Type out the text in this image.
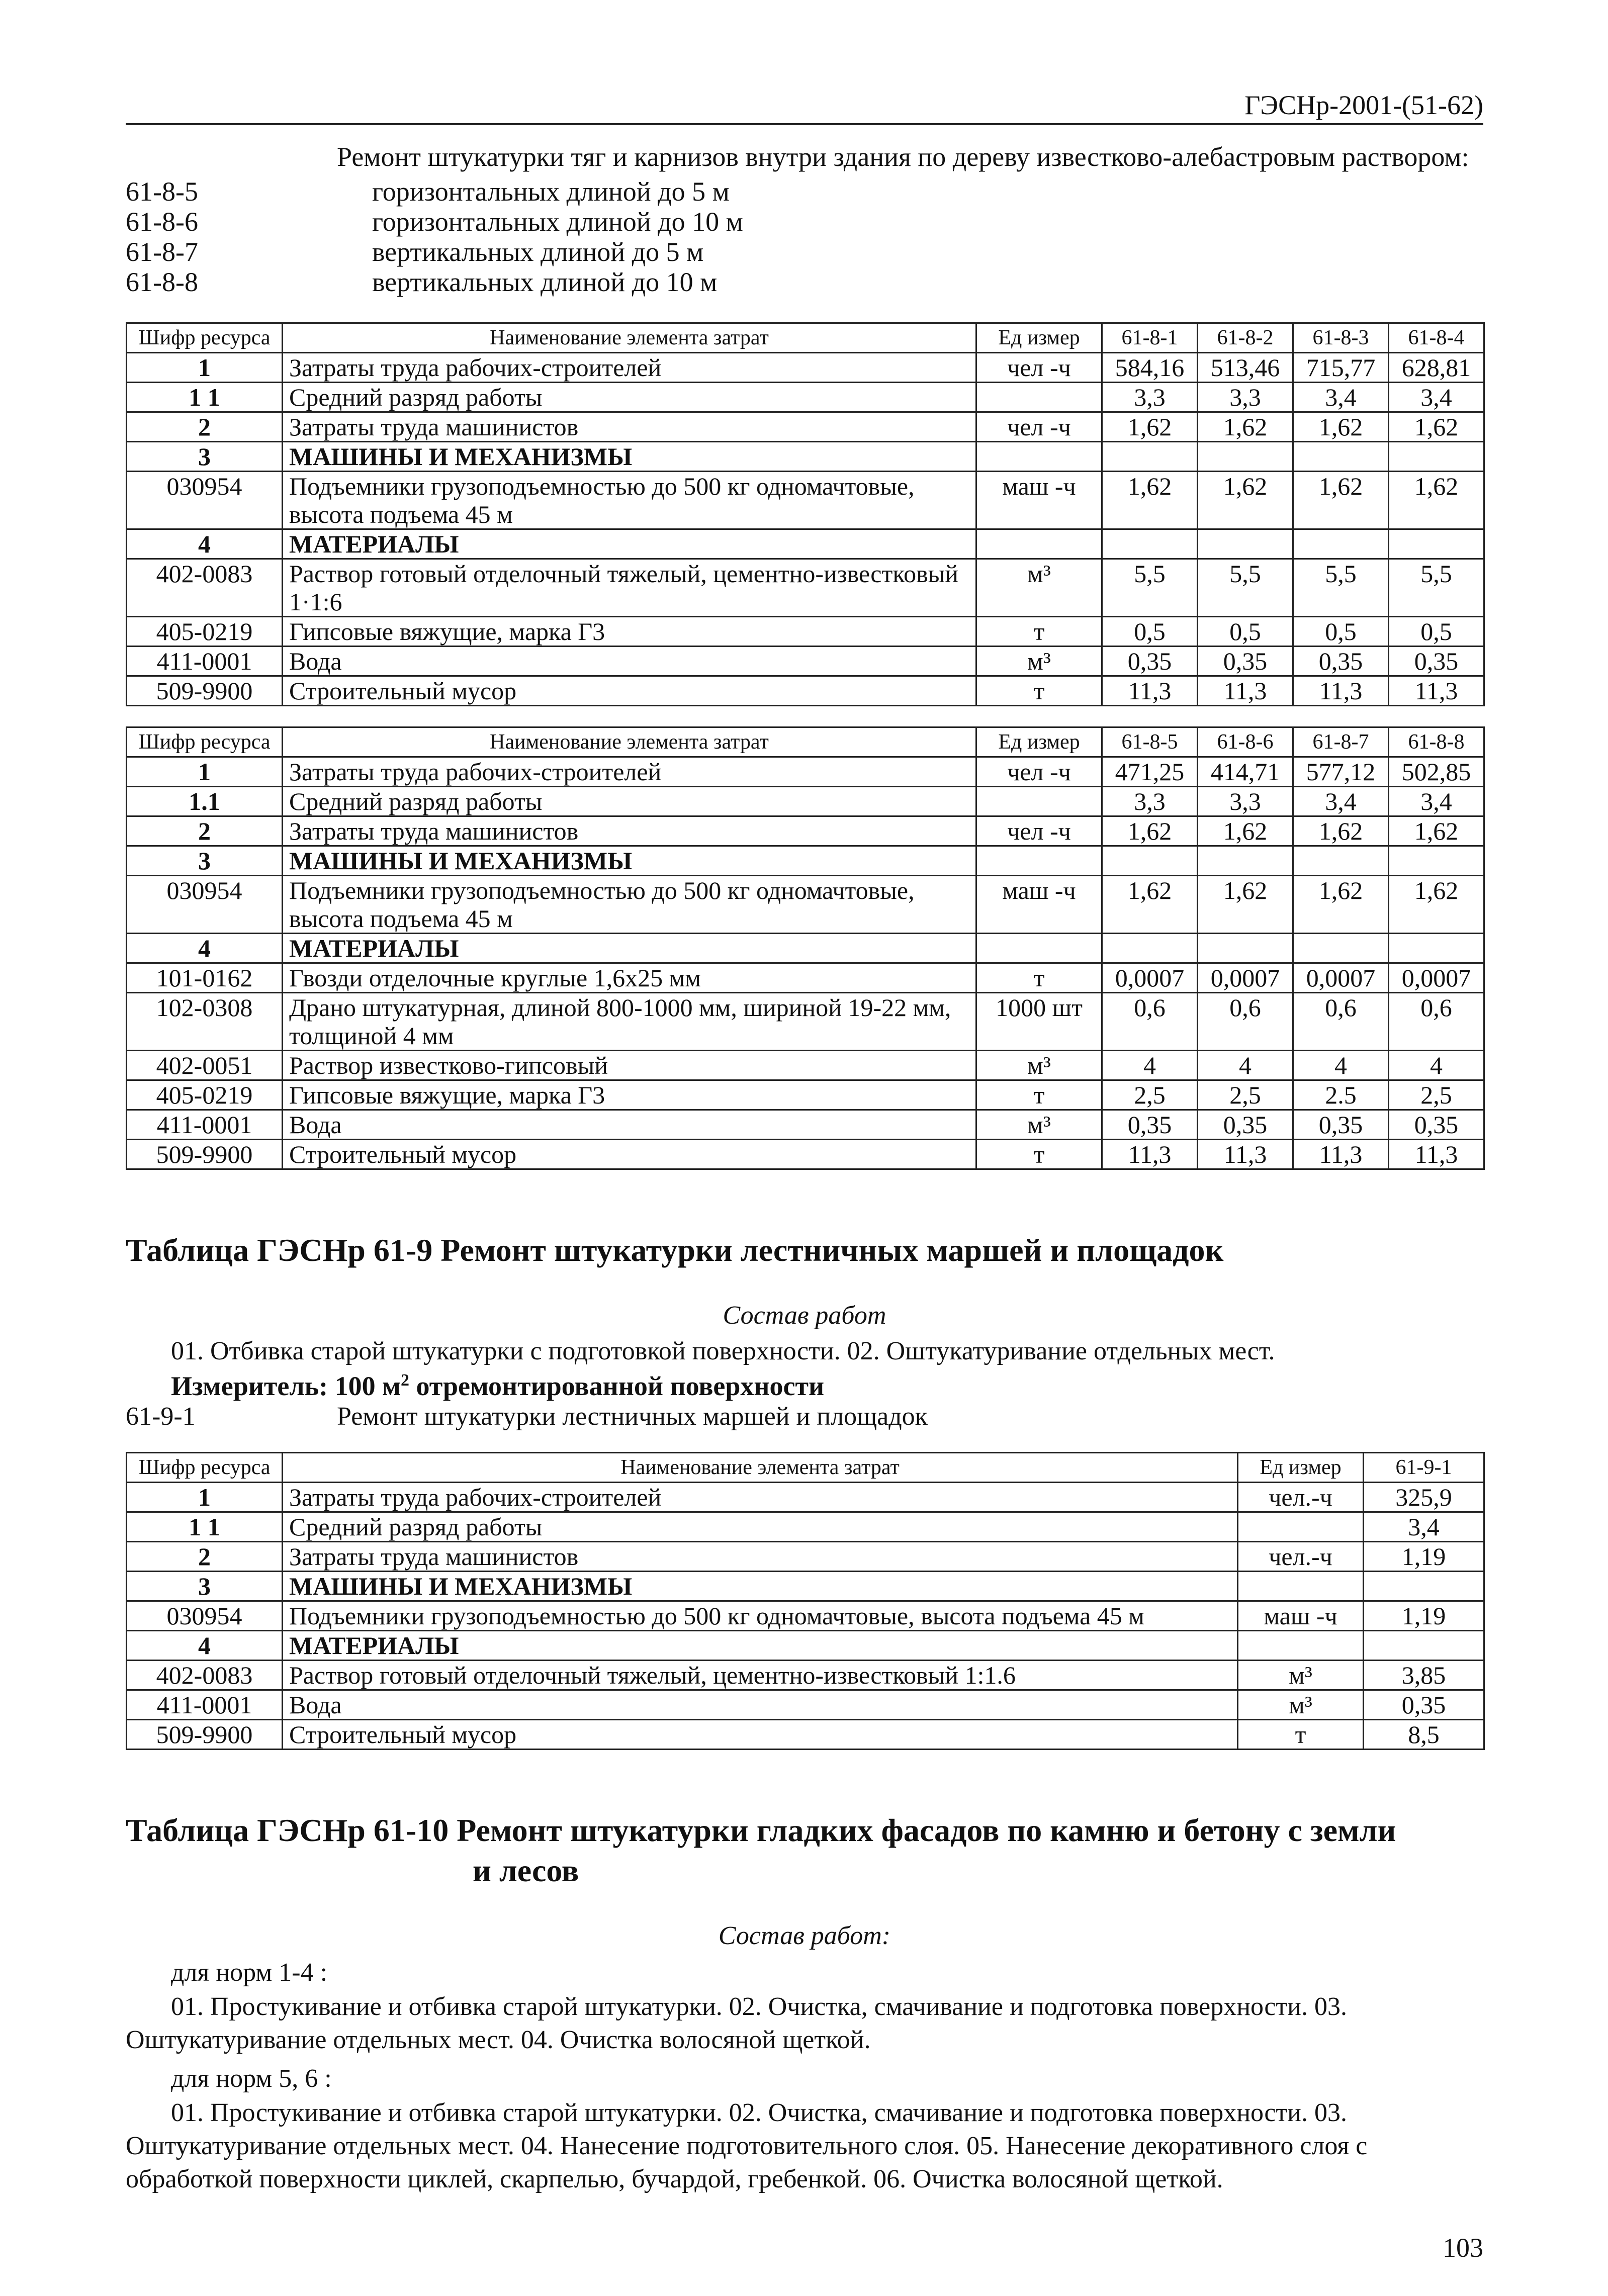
ГЭСНр-2001-(51-62)
Ремонт штукатурки тяг и карнизов внутри здания по дереву известково-алебастровым раствором:
61-8-5	горизонтальных длиной до 5 м
61-8-6	горизонтальных длиной до 10 м
61-8-7	вертикальных длиной до 5 м
61-8-8	вертикальных длиной до 10 м
Шифр ресурса	Наименование элемента затрат	Ед измер	61-8-1	61-8-2	61-8-3	61-8-4
1	Затраты труда рабочих-строителей	чел -ч	584,16	513,46	715,77	628,81
1 1	Средний разряд работы		3,3	3,3	3,4	3,4
2	Затраты труда машинистов	чел -ч	1,62	1,62	1,62	1,62
3	МАШИНЫ И МЕХАНИЗМЫ					
030954	Подъемники грузоподъемностью до 500 кг одномачтовые, высота подъема 45 м	маш -ч	1,62	1,62	1,62	1,62
4	МАТЕРИАЛЫ					
402-0083	Раствор готовый отделочный тяжелый, цементно-известковый 1·1:6	м³	5,5	5,5	5,5	5,5
405-0219	Гипсовые вяжущие, марка Г3	т	0,5	0,5	0,5	0,5
411-0001	Вода	м³	0,35	0,35	0,35	0,35
509-9900	Строительный мусор	т	11,3	11,3	11,3	11,3
Шифр ресурса	Наименование элемента затрат	Ед измер	61-8-5	61-8-6	61-8-7	61-8-8
1	Затраты труда рабочих-строителей	чел -ч	471,25	414,71	577,12	502,85
1.1	Средний разряд работы		3,3	3,3	3,4	3,4
2	Затраты труда машинистов	чел -ч	1,62	1,62	1,62	1,62
3	МАШИНЫ И МЕХАНИЗМЫ					
030954	Подъемники грузоподъемностью до 500 кг одномачтовые, высота подъема 45 м	маш -ч	1,62	1,62	1,62	1,62
4	МАТЕРИАЛЫ					
101-0162	Гвозди отделочные круглые 1,6х25 мм	т	0,0007	0,0007	0,0007	0,0007
102-0308	Драно штукатурная, длиной 800-1000 мм, шириной 19-22 мм, толщиной 4 мм	1000 шт	0,6	0,6	0,6	0,6
402-0051	Раствор известково-гипсовый	м³	4	4	4	4
405-0219	Гипсовые вяжущие, марка Г3	т	2,5	2,5	2.5	2,5
411-0001	Вода	м³	0,35	0,35	0,35	0,35
509-9900	Строительный мусор	т	11,3	11,3	11,3	11,3
Таблица ГЭСНр 61-9 Ремонт штукатурки лестничных маршей и площадок
Состав работ
01. Отбивка старой штукатурки с подготовкой поверхности. 02. Оштукатуривание отдельных мест.
Измеритель: 100 $м^2$ отремонтированной поверхности
61-9-1	Ремонт штукатурки лестничных маршей и площадок
Шифр ресурса	Наименование элемента затрат	Ед измер	61-9-1
1	Затраты труда рабочих-строителей	чел.-ч	325,9
1 1	Средний разряд работы		3,4
2	Затраты труда машинистов	чел.-ч	1,19
3	МАШИНЫ И МЕХАНИЗМЫ		
030954	Подъемники грузоподъемностью до 500 кг одномачтовые, высота подъема 45 м	маш -ч	1,19
4	МАТЕРИАЛЫ		
402-0083	Раствор готовый отделочный тяжелый, цементно-известковый 1:1.6	м³	3,85
411-0001	Вода	м³	0,35
509-9900	Строительный мусор	т	8,5
Таблица ГЭСНр 61-10 Ремонт штукатурки гладких фасадов по камню и бетону с земли
и лесов
Состав работ:
для норм 1-4 :

01. Простукивание и отбивка старой штукатурки. 02. Очистка, смачивание и подготовка поверхности. 03. Оштукатуривание отдельных мест. 04. Очистка волосяной щеткой.

для норм 5, 6 :

01. Простукивание и отбивка старой штукатурки. 02. Очистка, смачивание и подготовка поверхности. 03. Оштукатуривание отдельных мест. 04. Нанесение подготовительного слоя. 05. Нанесение декоративного слоя с обработкой поверхности циклей, скарпелью, бучардой, гребенкой. 06. Очистка волосяной щеткой.

103
